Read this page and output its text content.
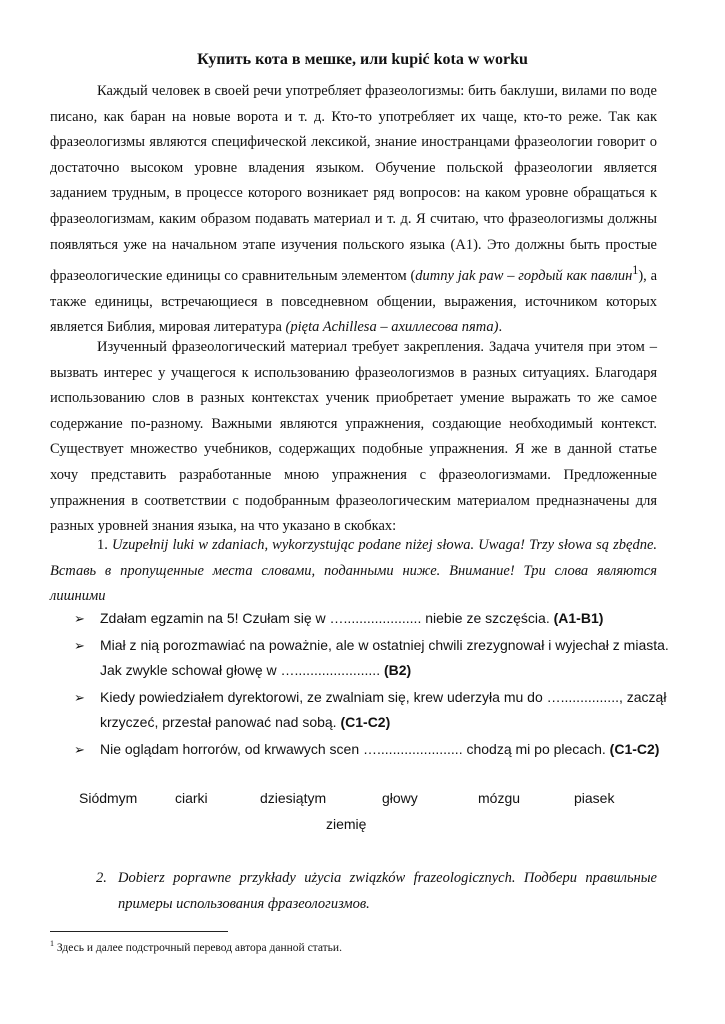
Купить кота в мешке, или kupić kota w worku

Каждый человек в своей речи употребляет фразеологизмы: бить баклуши, вилами по воде писано, как баран на новые ворота и т. д. Кто-то употребляет их чаще, кто-то реже. Так как фразеологизмы являются специфической лексикой, знание иностранцами фразеологии говорит о достаточно высоком уровне владения языком. Обучение польской фразеологии является заданием трудным, в процессе которого возникает ряд вопросов: на каком уровне обращаться к фразеологизмам, каким образом подавать материал и т. д. Я считаю, что фразеологизмы должны появляться уже на начальном этапе изучения польского языка (A1). Это должны быть простые фразеологические единицы со сравнительным элементом (dumny jak paw – гордый как павлин$^1$), а также единицы, встречающиеся в повседневном общении, выражения, источником которых является Библия, мировая литература (pięta Achillesa – ахиллесова пята).

Изученный фразеологический материал требует закрепления. Задача учителя при этом – вызвать интерес у учащегося к использованию фразеологизмов в разных ситуациях. Благодаря использованию слов в разных контекстах ученик приобретает умение выражать то же самое содержание по-разному. Важными являются упражнения, создающие необходимый контекст. Существует множество учебников, содержащих подобные упражнения. Я же в данной статье хочу представить разработанные мною упражнения с фразеологизмами. Предложенные упражнения в соответствии с подобранным фразеологическим материалом предназначены для разных уровней знания языка, на что указано в скобках:

1. Uzupełnij luki w zdaniach, wykorzystując podane niżej słowa. Uwaga! Trzy słowa są zbędne. Вставь в пропущенные места словами, поданными ниже. Внимание! Три слова являются лишними

➢ Zdałam egzamin na 5! Czułam się w ….................... niebie ze szczęścia. (A1-B1)
➢ Miał z nią porozmawiać na poważnie, ale w ostatniej chwili zrezygnował i wyjechał z miasta. Jak zwykle schował głowę w …...................... (B2)
➢ Kiedy powiedziałem dyrektorowi, ze zwalniam się, krew uderzyła mu do …..............., zaczął krzyczeć, przestał panować nad sobą. (C1-C2)
➢ Nie oglądam horrorów, od krwawych scen …...................... chodzą mi po plecach. (C1-C2)
Siódmym	ciarki	dziesiątym	głowy	mózgu	piasek
ziemię
2. Dobierz poprawne przykłady użycia związków frazeologicznych. Подбери правильные примеры использования фразеологизмов.
$^1$ Здесь и далее подстрочный перевод автора данной статьи.
